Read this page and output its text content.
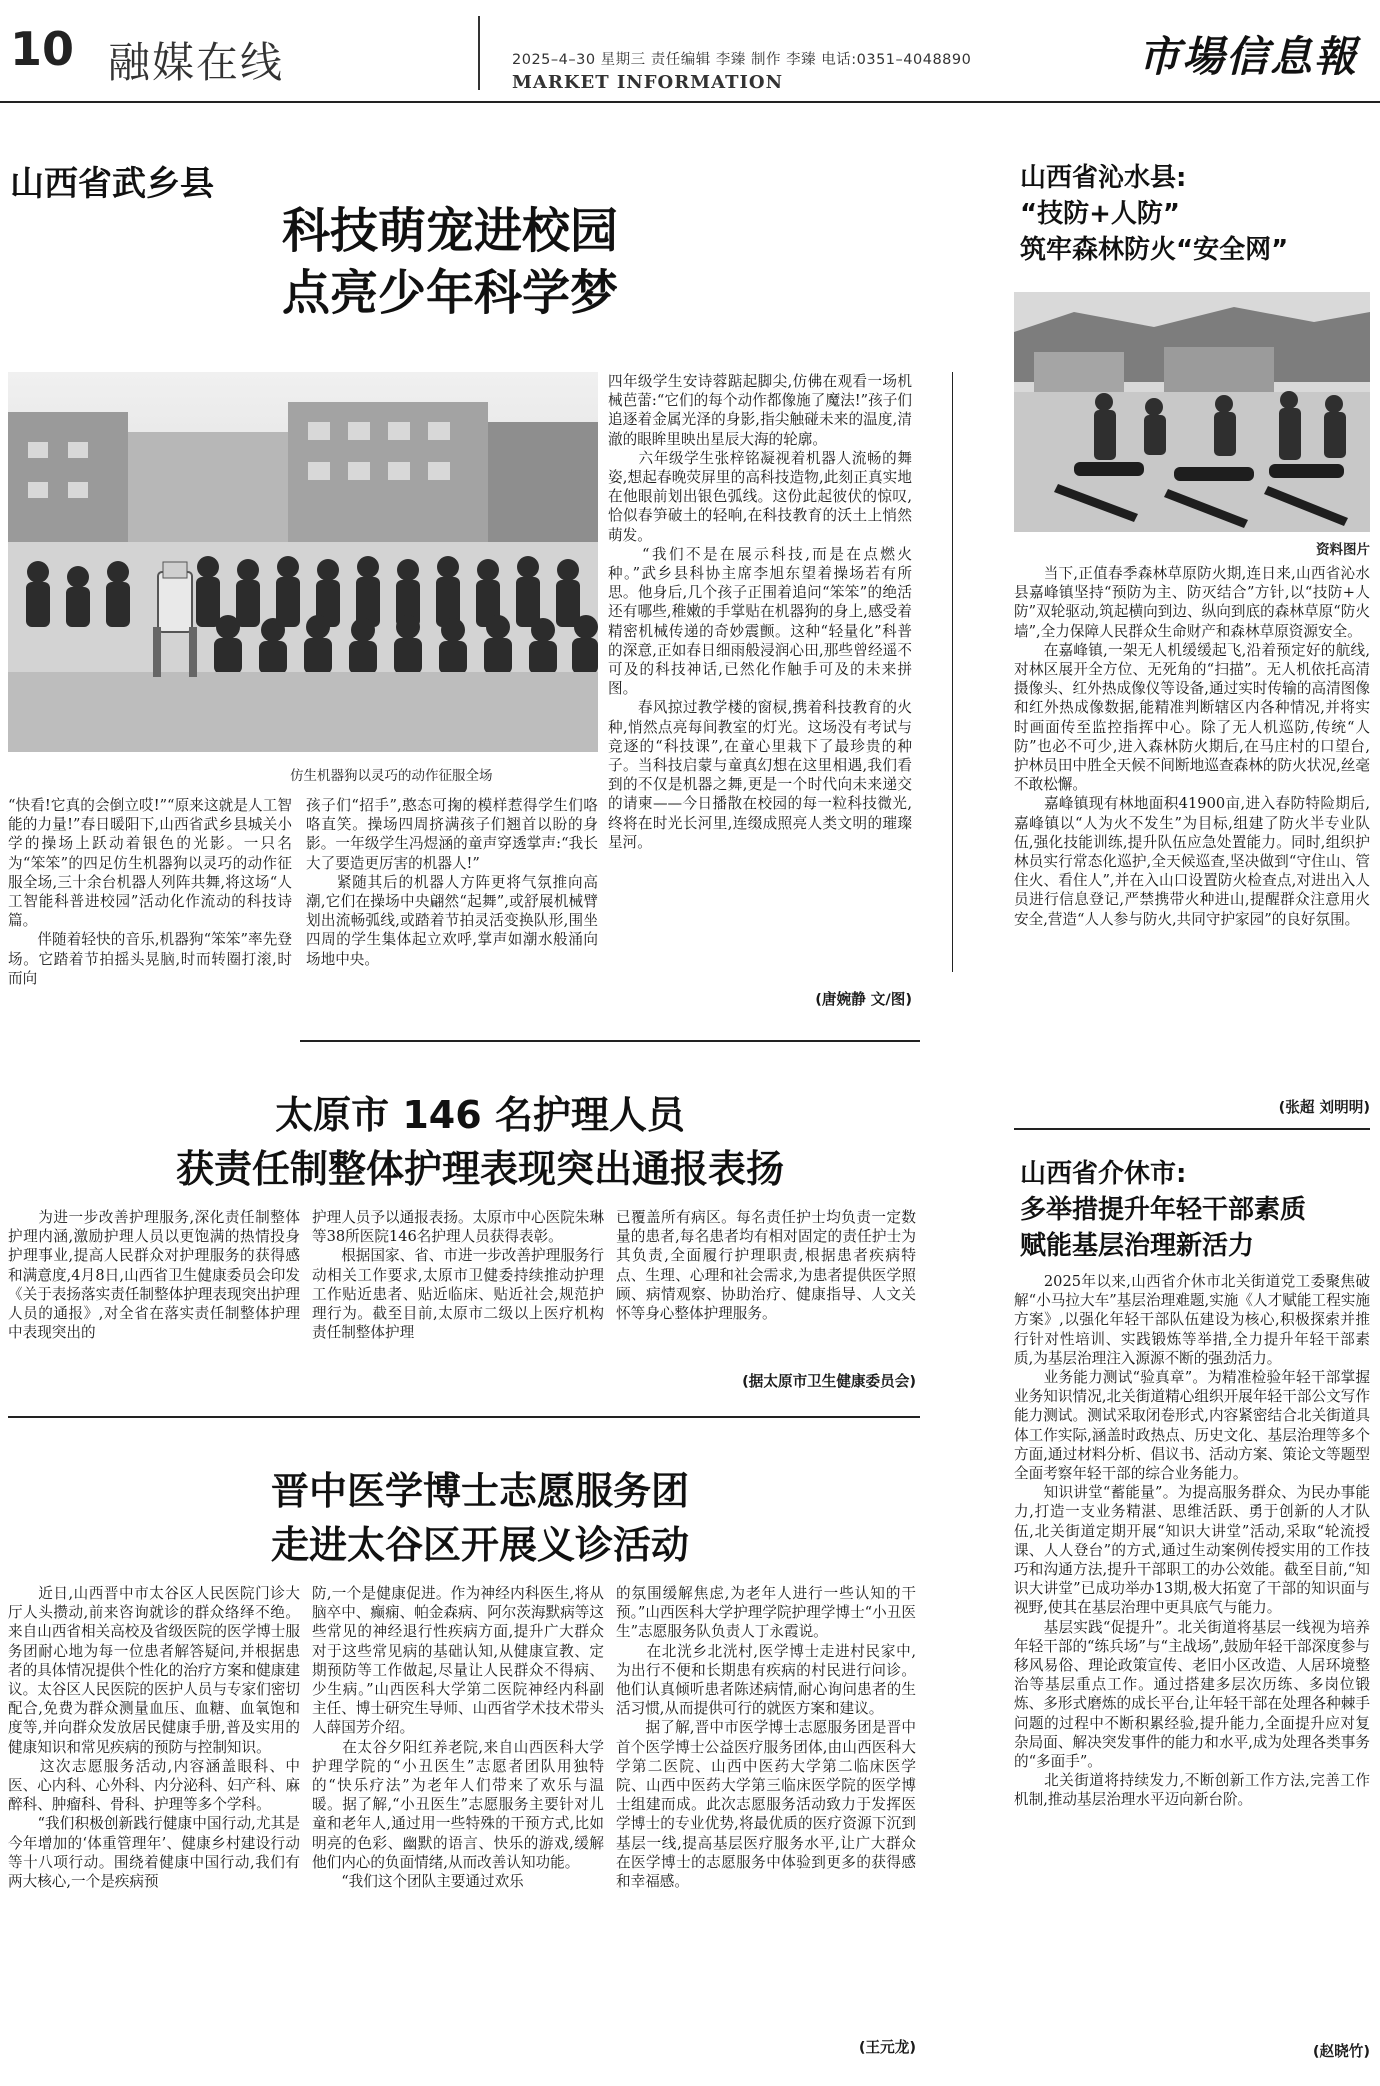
10 融媒在线	2025–4–30 星期三 责任编辑 李臻 制作 李臻 电话:0351–4048890
MARKET INFORMATION
市場信息報
山西省武乡县
科技萌宠进校园
点亮少年科学梦
仿生机器狗以灵巧的动作征服全场
“快看!它真的会倒立哎!”“原来这就是人工智能的力量!”春日暖阳下,山西省武乡县城关小学的操场上跃动着银色的光影。一只名为“笨笨”的四足仿生机器狗以灵巧的动作征服全场,三十余台机器人列阵共舞,将这场“人工智能科普进校园”活动化作流动的科技诗篇。
　　伴随着轻快的音乐,机器狗“笨笨”率先登场。它踏着节拍摇头晃脑,时而转圈打滚,时而向
孩子们“招手”,憨态可掬的模样惹得学生们咯咯直笑。操场四周挤满孩子们翘首以盼的身影。一年级学生冯煜涵的童声穿透掌声:“我长大了要造更厉害的机器人!”
　　紧随其后的机器人方阵更将气氛推向高潮,它们在操场中央翩然“起舞”,或舒展机械臂划出流畅弧线,或踏着节拍灵活变换队形,围坐四周的学生集体起立欢呼,掌声如潮水般涌向场地中央。
四年级学生安诗蓉踮起脚尖,仿佛在观看一场机械芭蕾:“它们的每个动作都像施了魔法!”孩子们追逐着金属光泽的身影,指尖触碰未来的温度,清澈的眼眸里映出星辰大海的轮廓。
　　六年级学生张梓铭凝视着机器人流畅的舞姿,想起春晚荧屏里的高科技造物,此刻正真实地在他眼前划出银色弧线。这份此起彼伏的惊叹,恰似春笋破土的轻响,在科技教育的沃土上悄然萌发。
　　“我们不是在展示科技,而是在点燃火种。”武乡县科协主席李旭东望着操场若有所思。他身后,几个孩子正围着追问“笨笨”的绝活还有哪些,稚嫩的手掌贴在机器狗的身上,感受着精密机械传递的奇妙震颤。这种“轻量化”科普的深意,正如春日细雨般浸润心田,那些曾经遥不可及的科技神话,已然化作触手可及的未来拼图。
　　春风掠过教学楼的窗棂,携着科技教育的火种,悄然点亮每间教室的灯光。这场没有考试与竞逐的“科技课”,在童心里栽下了最珍贵的种子。当科技启蒙与童真幻想在这里相遇,我们看到的不仅是机器之舞,更是一个时代向未来递交的请柬——今日播散在校园的每一粒科技微光,终将在时光长河里,连缀成照亮人类文明的璀璨星河。
(唐婉静 文/图)
太原市 146 名护理人员
获责任制整体护理表现突出通报表扬
　　为进一步改善护理服务,深化责任制整体护理内涵,激励护理人员以更饱满的热情投身护理事业,提高人民群众对护理服务的获得感和满意度,4月8日,山西省卫生健康委员会印发《关于表扬落实责任制整体护理表现突出护理人员的通报》,对全省在落实责任制整体护理中表现突出的
护理人员予以通报表扬。太原市中心医院朱琳等38所医院146名护理人员获得表彰。
　　根据国家、省、市进一步改善护理服务行动相关工作要求,太原市卫健委持续推动护理工作贴近患者、贴近临床、贴近社会,规范护理行为。截至目前,太原市二级以上医疗机构责任制整体护理
已覆盖所有病区。每名责任护士均负责一定数量的患者,每名患者均有相对固定的责任护士为其负责,全面履行护理职责,根据患者疾病特点、生理、心理和社会需求,为患者提供医学照顾、病情观察、协助治疗、健康指导、人文关怀等身心整体护理服务。
(据太原市卫生健康委员会)
晋中医学博士志愿服务团
走进太谷区开展义诊活动
　　近日,山西晋中市太谷区人民医院门诊大厅人头攒动,前来咨询就诊的群众络绎不绝。来自山西省相关高校及省级医院的医学博士服务团耐心地为每一位患者解答疑问,并根据患者的具体情况提供个性化的治疗方案和健康建议。太谷区人民医院的医护人员与专家们密切配合,免费为群众测量血压、血糖、血氧饱和度等,并向群众发放居民健康手册,普及实用的健康知识和常见疾病的预防与控制知识。
　　这次志愿服务活动,内容涵盖眼科、中医、心内科、心外科、内分泌科、妇产科、麻醉科、肿瘤科、骨科、护理等多个学科。
　　“我们积极创新践行健康中国行动,尤其是今年增加的‘体重管理年’、健康乡村建设行动等十八项行动。围绕着健康中国行动,我们有两大核心,一个是疾病预
防,一个是健康促进。作为神经内科医生,将从脑卒中、癫痫、帕金森病、阿尔茨海默病等这些常见的神经退行性疾病方面,提升广大群众对于这些常见病的基础认知,从健康宣教、定期预防等工作做起,尽量让人民群众不得病、少生病。”山西医科大学第二医院神经内科副主任、博士研究生导师、山西省学术技术带头人薛国芳介绍。
　　在太谷夕阳红养老院,来自山西医科大学护理学院的“小丑医生”志愿者团队用独特的“快乐疗法”为老年人们带来了欢乐与温暖。据了解,“小丑医生”志愿服务主要针对儿童和老年人,通过用一些特殊的干预方式,比如明亮的色彩、幽默的语言、快乐的游戏,缓解他们内心的负面情绪,从而改善认知功能。
　　“我们这个团队主要通过欢乐
的氛围缓解焦虑,为老年人进行一些认知的干预。”山西医科大学护理学院护理学博士“小丑医生”志愿服务队负责人丁永霞说。
　　在北洸乡北洸村,医学博士走进村民家中,为出行不便和长期患有疾病的村民进行问诊。他们认真倾听患者陈述病情,耐心询问患者的生活习惯,从而提供可行的就医方案和建议。
　　据了解,晋中市医学博士志愿服务团是晋中首个医学博士公益医疗服务团体,由山西医科大学第二医院、山西中医药大学第二临床医学院、山西中医药大学第三临床医学院的医学博士组建而成。此次志愿服务活动致力于发挥医学博士的专业优势,将最优质的医疗资源下沉到基层一线,提高基层医疗服务水平,让广大群众在医学博士的志愿服务中体验到更多的获得感和幸福感。
(王元龙)
山西省沁水县:
“技防+人防”
筑牢森林防火“安全网”
资料图片
　　当下,正值春季森林草原防火期,连日来,山西省沁水县嘉峰镇坚持“预防为主、防灭结合”方针,以“技防+人防”双轮驱动,筑起横向到边、纵向到底的森林草原“防火墙”,全力保障人民群众生命财产和森林草原资源安全。
　　在嘉峰镇,一架无人机缓缓起飞,沿着预定好的航线,对林区展开全方位、无死角的“扫描”。无人机依托高清摄像头、红外热成像仪等设备,通过实时传输的高清图像和红外热成像数据,能精准判断辖区内各种情况,并将实时画面传至监控指挥中心。除了无人机巡防,传统“人防”也必不可少,进入森林防火期后,在马庄村的口望台,护林员田中胜全天候不间断地巡查森林的防火状况,丝毫不敢松懈。
　　嘉峰镇现有林地面积41900亩,进入春防特险期后,嘉峰镇以“人为火不发生”为目标,组建了防火半专业队伍,强化技能训练,提升队伍应急处置能力。同时,组织护林员实行常态化巡护,全天候巡查,坚决做到“守住山、管住火、看住人”,并在入山口设置防火检查点,对进出入人员进行信息登记,严禁携带火种进山,提醒群众注意用火安全,营造“人人参与防火,共同守护家园”的良好氛围。
(张超 刘明明)
山西省介休市:
多举措提升年轻干部素质
赋能基层治理新活力
　　2025年以来,山西省介休市北关街道党工委聚焦破解“小马拉大车”基层治理难题,实施《人才赋能工程实施方案》,以强化年轻干部队伍建设为核心,积极探索并推行针对性培训、实践锻炼等举措,全力提升年轻干部素质,为基层治理注入源源不断的强劲活力。
　　业务能力测试“验真章”。为精准检验年轻干部掌握业务知识情况,北关街道精心组织开展年轻干部公文写作能力测试。测试采取闭卷形式,内容紧密结合北关街道具体工作实际,涵盖时政热点、历史文化、基层治理等多个方面,通过材料分析、倡议书、活动方案、策论文等题型全面考察年轻干部的综合业务能力。
　　知识讲堂“蓄能量”。为提高服务群众、为民办事能力,打造一支业务精湛、思维活跃、勇于创新的人才队伍,北关街道定期开展“知识大讲堂”活动,采取“轮流授课、人人登台”的方式,通过生动案例传授实用的工作技巧和沟通方法,提升干部职工的办公效能。截至目前,“知识大讲堂”已成功举办13期,极大拓宽了干部的知识面与视野,使其在基层治理中更具底气与能力。
　　基层实践“促提升”。北关街道将基层一线视为培养年轻干部的“练兵场”与“主战场”,鼓励年轻干部深度参与移风易俗、理论政策宣传、老旧小区改造、人居环境整治等基层重点工作。通过搭建多层次历练、多岗位锻炼、多形式磨炼的成长平台,让年轻干部在处理各种棘手问题的过程中不断积累经验,提升能力,全面提升应对复杂局面、解决突发事件的能力和水平,成为处理各类事务的“多面手”。
　　北关街道将持续发力,不断创新工作方法,完善工作机制,推动基层治理水平迈向新台阶。
(赵晓竹)
